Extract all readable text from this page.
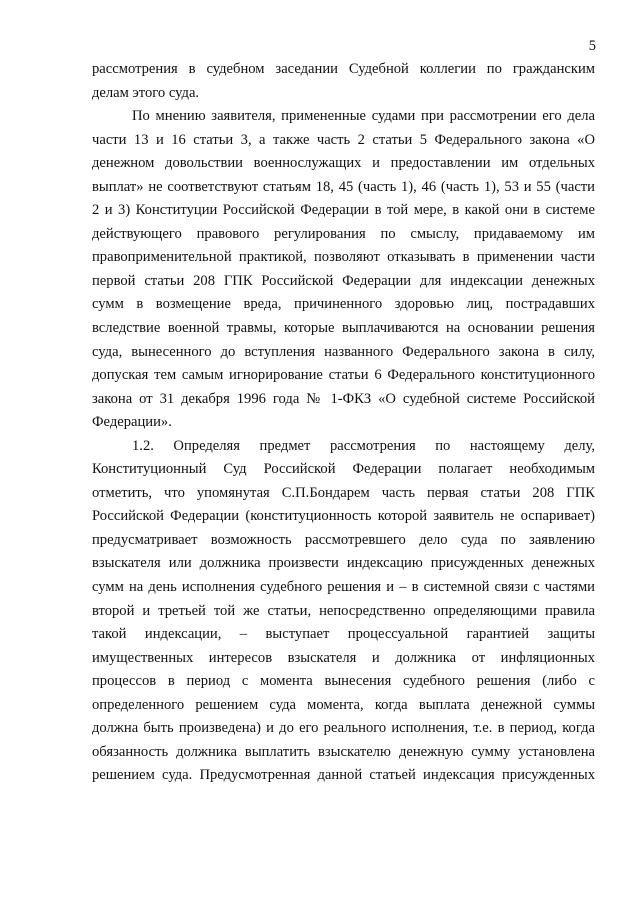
5
рассмотрения в судебном заседании Судебной коллегии по гражданским
делам этого суда.
По мнению заявителя, примененные судами при рассмотрении его дела
части 13 и 16 статьи 3, а также часть 2 статьи 5 Федерального закона «О
денежном довольствии военнослужащих и предоставлении им отдельных
выплат» не соответствуют статьям 18, 45 (часть 1), 46 (часть 1), 53 и 55 (части
2 и 3) Конституции Российской Федерации в той мере, в какой они в системе
действующего правового регулирования по смыслу, придаваемому им
правоприменительной практикой, позволяют отказывать в применении части
первой статьи 208 ГПК Российской Федерации для индексации денежных
сумм в возмещение вреда, причиненного здоровью лиц, пострадавших
вследствие военной травмы, которые выплачиваются на основании решения
суда, вынесенного до вступления названного Федерального закона в силу,
допуская тем самым игнорирование статьи 6 Федерального конституционного
закона от 31 декабря 1996 года № 1-ФКЗ «О судебной системе Российской
Федерации».
1.2. Определяя предмет рассмотрения по настоящему делу,
Конституционный Суд Российской Федерации полагает необходимым
отметить, что упомянутая С.П.Бондарем часть первая статьи 208 ГПК
Российской Федерации (конституционность которой заявитель не оспаривает)
предусматривает возможность рассмотревшего дело суда по заявлению
взыскателя или должника произвести индексацию присужденных денежных
сумм на день исполнения судебного решения и – в системной связи с частями
второй и третьей той же статьи, непосредственно определяющими правила
такой индексации, – выступает процессуальной гарантией защиты
имущественных интересов взыскателя и должника от инфляционных
процессов в период с момента вынесения судебного решения (либо с
определенного решением суда момента, когда выплата денежной суммы
должна быть произведена) и до его реального исполнения, т.е. в период, когда
обязанность должника выплатить взыскателю денежную сумму установлена
решением суда. Предусмотренная данной статьей индексация присужденных
